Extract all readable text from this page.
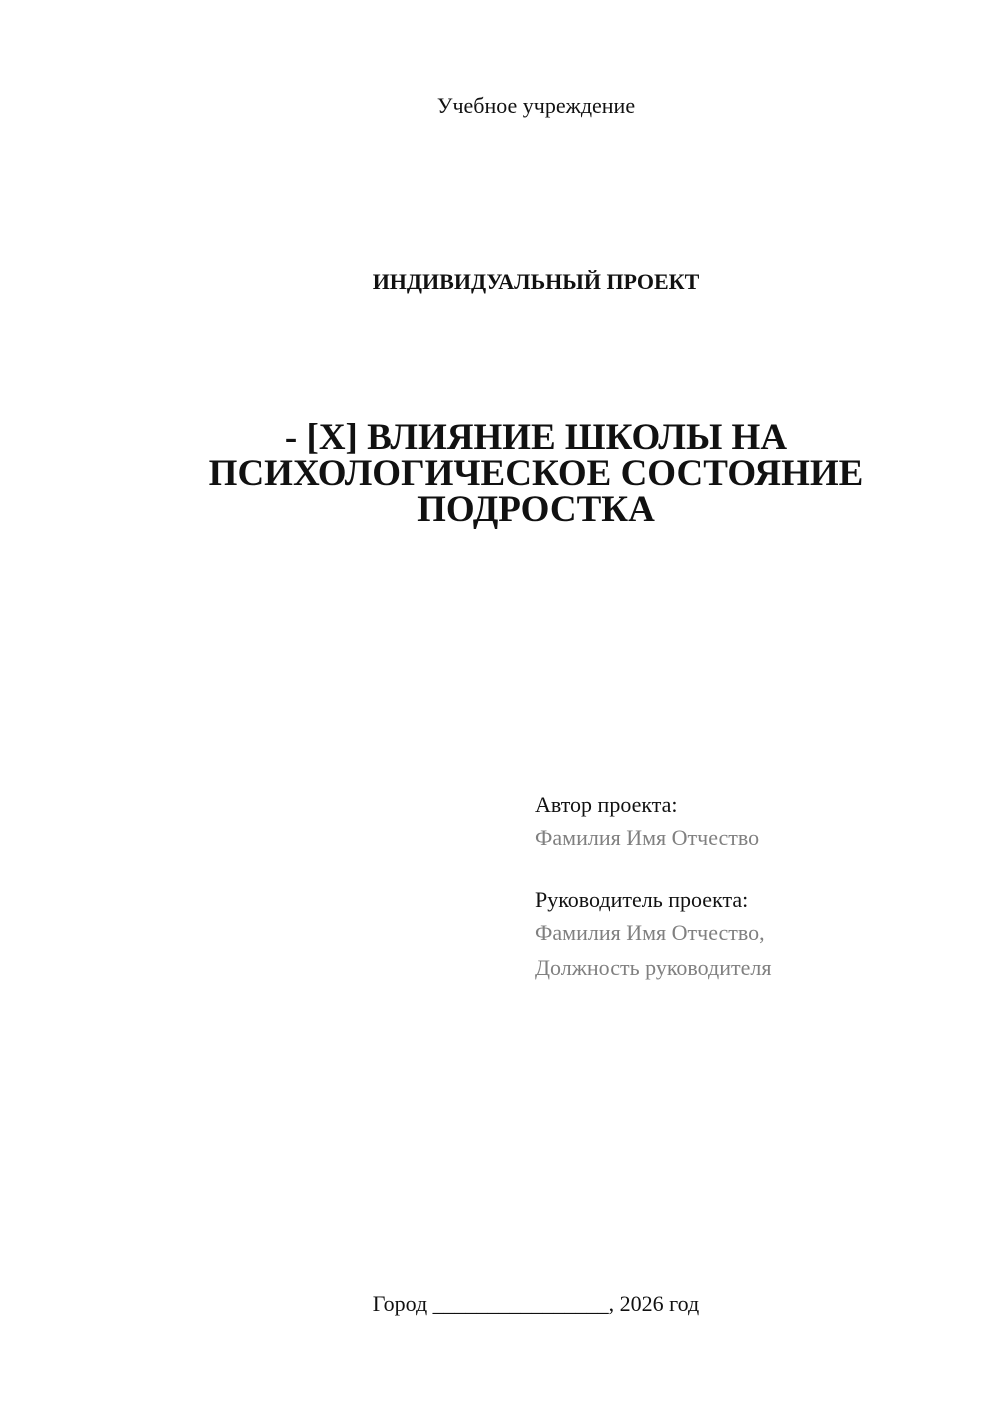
Учебное учреждение
ИНДИВИДУАЛЬНЫЙ ПРОЕКТ
- [X] ВЛИЯНИЕ ШКОЛЫ НА
ПСИХОЛОГИЧЕСКОЕ СОСТОЯНИЕ
ПОДРОСТКА

Автор проекта:

Фамилия Имя Отчество

Руководитель проекта:

Фамилия Имя Отчество,

Должность руководителя

Город ________________, 2026 год
